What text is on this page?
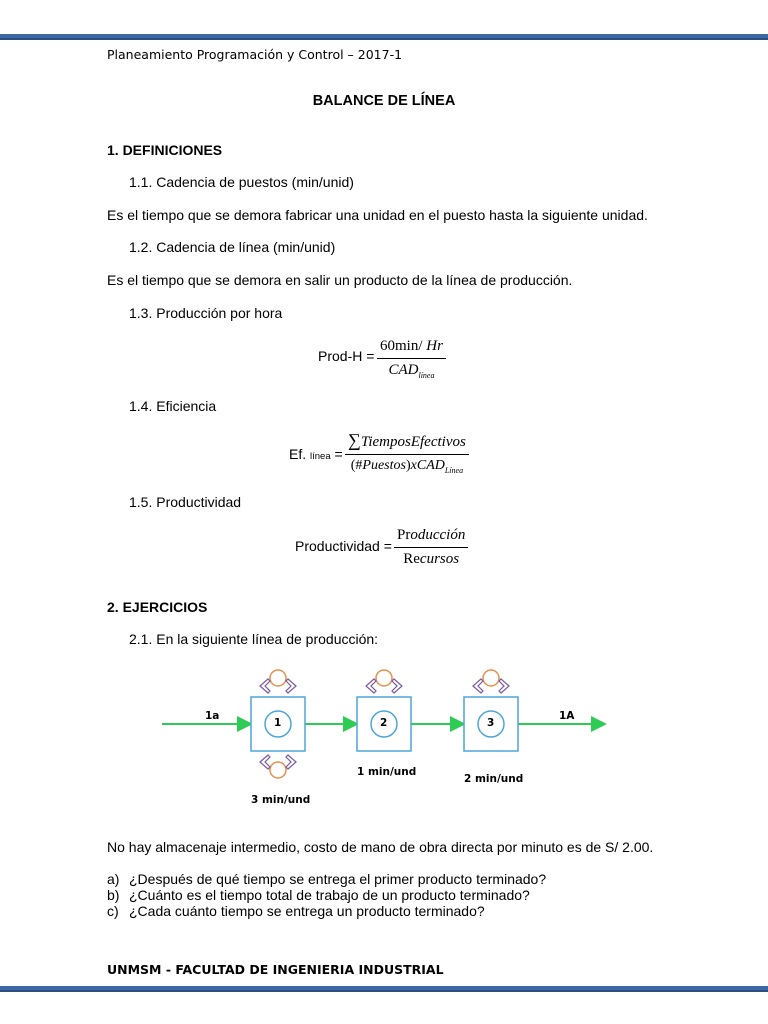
Planeamiento Programación y Control – 2017-1
BALANCE DE LÍNEA
1. DEFINICIONES
1.1. Cadencia de puestos (min/unid)
Es el tiempo que se demora fabricar una unidad en el puesto hasta la siguiente unidad.
1.2. Cadencia de línea (min/unid)
Es el tiempo que se demora en salir un producto de la línea de producción.
1.3. Producción por hora
Prod-H =
60min/ Hr
$CAD_{línea}$
1.4. Eficiencia
Ef. línea =
∑TiemposEfectivos
(#Puestos)xCAD$_{Línea}$
1.5. Productividad
Productividad =
Producción
Recursos
2. EJERCICIOS
2.1. En la siguiente línea de producción:
1a	1A
1	2	3
3 min/und
1 min/und
2 min/und
No hay almacenaje intermedio, costo de mano de obra directa por minuto es de S/ 2.00.
a) ¿Después de qué tiempo se entrega el primer producto terminado?
b) ¿Cuánto es el tiempo total de trabajo de un producto terminado?
c) ¿Cada cuánto tiempo se entrega un producto terminado?
UNMSM - FACULTAD DE INGENIERIA INDUSTRIAL
